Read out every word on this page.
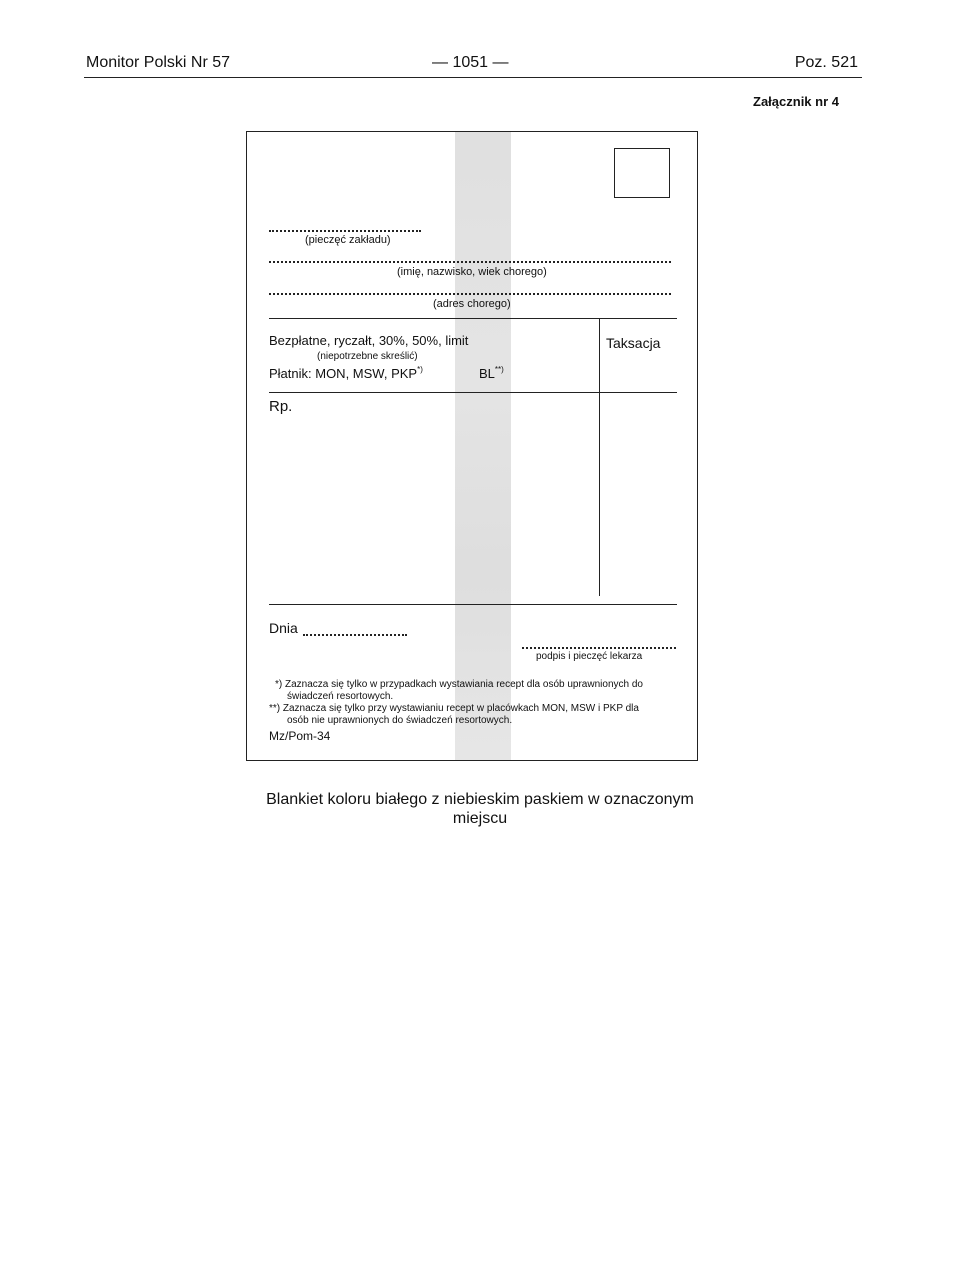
Monitor Polski Nr 57	— 1051 —	Poz. 521
Załącznik nr 4
(pieczęć zakładu)
(imię, nazwisko, wiek chorego)
(adres chorego)
Bezpłatne, ryczałt, 30%, 50%, limit
(niepotrzebne skreślić)
Płatnik: MON, MSW, PKP*)	BL**)
Taksacja
Rp.
Dnia
podpis i pieczęć lekarza
*) Zaznacza się tylko w przypadkach wystawiania recept dla osób uprawnionych do
świadczeń resortowych.
**) Zaznacza się tylko przy wystawianiu recept w placówkach MON, MSW i PKP dla
osób nie uprawnionych do świadczeń resortowych.
Mz/Pom-34
Blankiet koloru białego z niebieskim paskiem w oznaczonym miejscu
